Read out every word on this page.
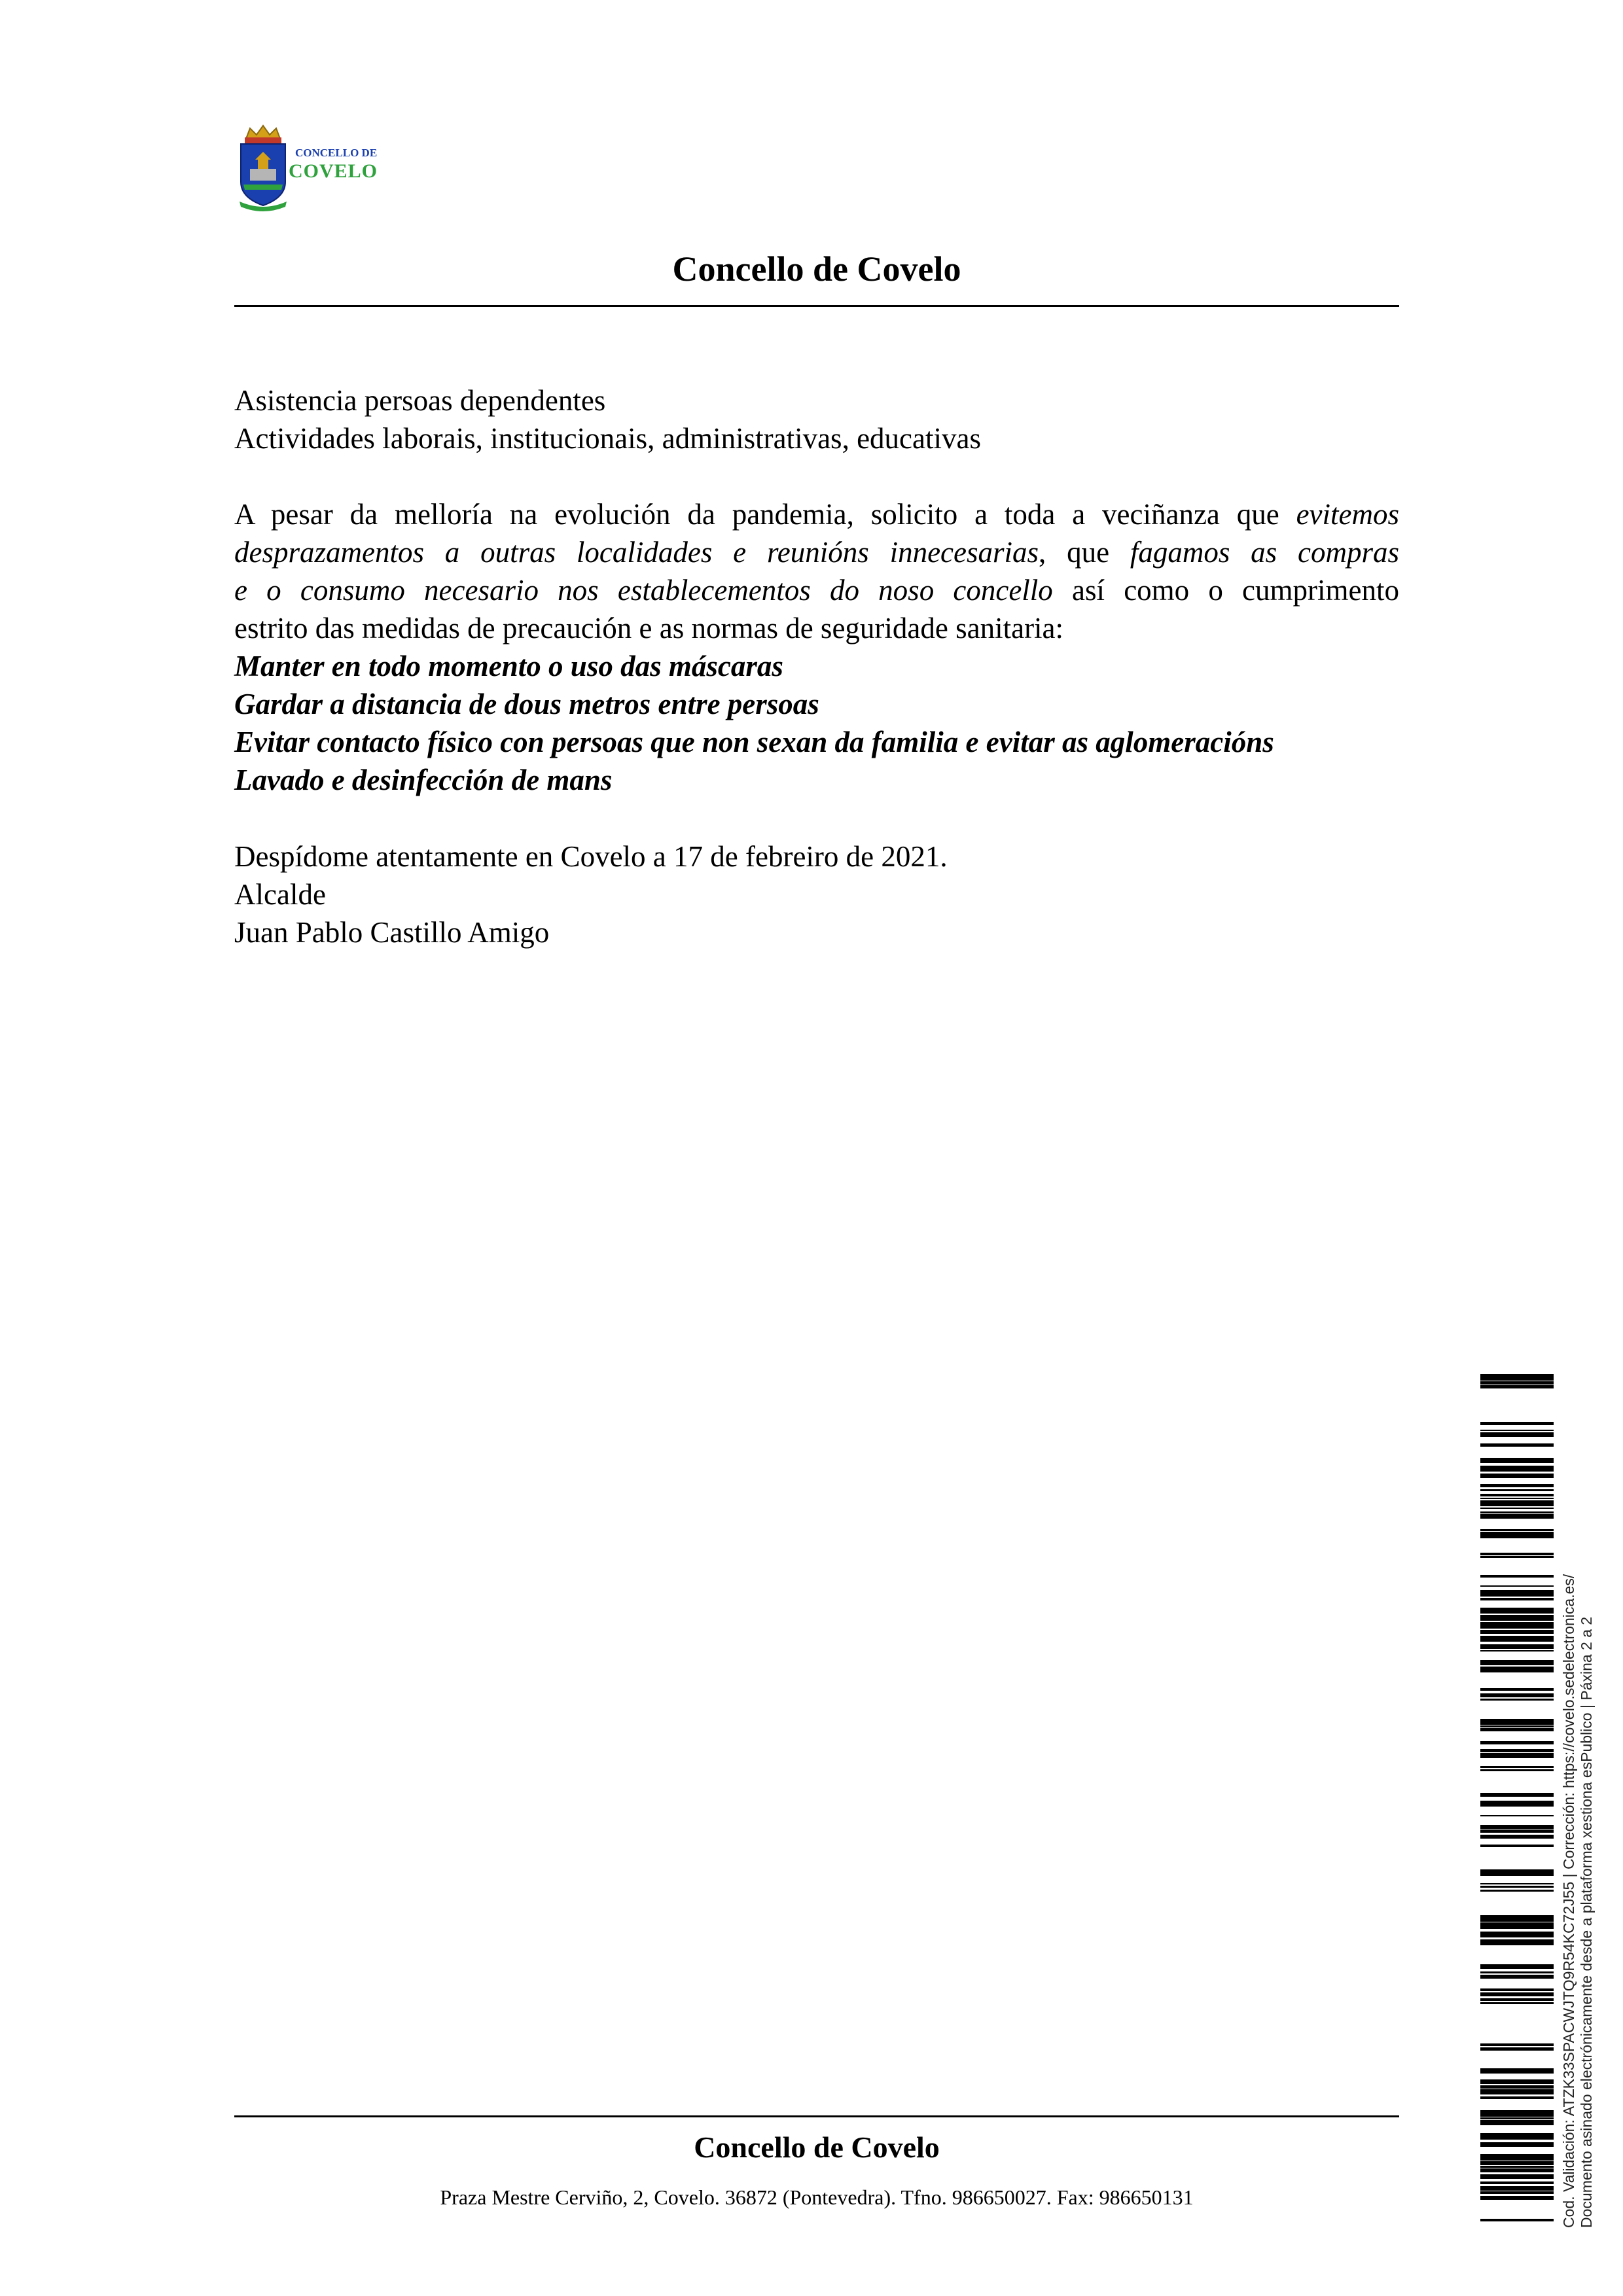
CONCELLO DE
COVELO
Concello de Covelo
Asistencia persoas dependentes
Actividades laborais, institucionais, administrativas, educativas
A pesar da melloría na evolución da pandemia, solicito a toda a veciñanza que evitemos
desprazamentos a outras localidades e reunións innecesarias, que fagamos as compras
e o consumo necesario nos establecementos do noso concello así como o cumprimento
estrito das medidas de precaución e as normas de seguridade sanitaria:
Manter en todo momento o uso das máscaras
Gardar a distancia de dous metros entre persoas
Evitar contacto físico con persoas que non sexan da familia e evitar as aglomeracións
Lavado e desinfección de mans
Despídome atentamente en Covelo a 17 de febreiro de 2021.
Alcalde
Juan Pablo Castillo Amigo
Concello de Covelo
Praza Mestre Cerviño, 2, Covelo. 36872 (Pontevedra). Tfno. 986650027. Fax: 986650131	Cod. Validación: ATZK33SPACWJTQ9R54KC72J55 | Corrección: https://covelo.sedelectronica.es/ Documento asinado electrónicamente desde a plataforma xestiona esPublico | Páxina 2 a 2
